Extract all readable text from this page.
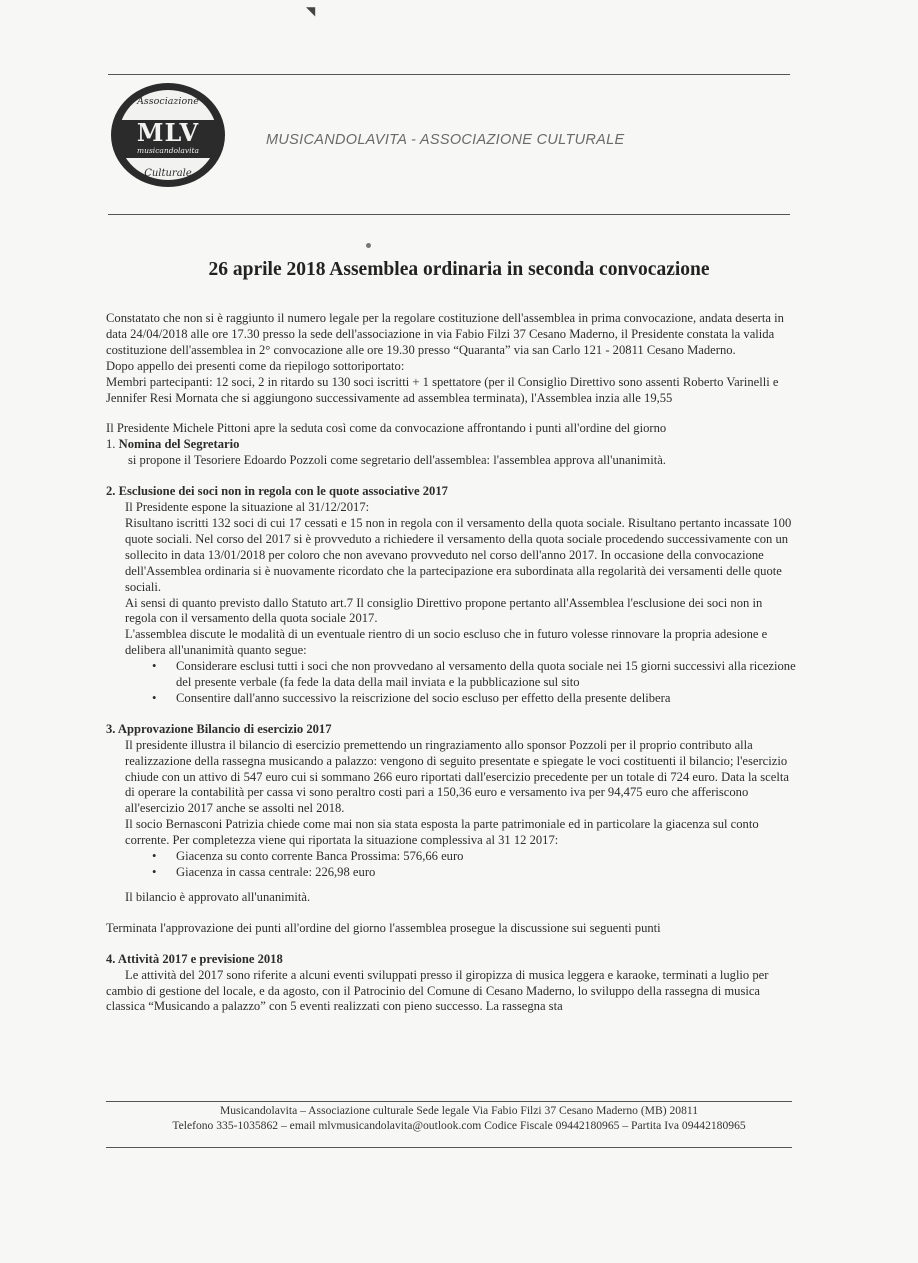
◥
Associazione
MLV
musicandolavita
Culturale
MUSICANDOLAVITA - ASSOCIAZIONE CULTURALE
26 aprile 2018 Assemblea ordinaria in seconda convocazione

Constatato che non si è raggiunto il numero legale per la regolare costituzione dell'assemblea in prima convocazione, andata deserta in data 24/04/2018 alle ore 17.30 presso la sede dell'associazione in via Fabio Filzi 37 Cesano Maderno, il Presidente constata la valida costituzione dell'assemblea in 2° convocazione alle ore 19.30 presso “Quaranta” via san Carlo 121 - 20811 Cesano Maderno.

Dopo appello dei presenti come da riepilogo sottoriportato:

Membri partecipanti: 12 soci, 2 in ritardo su 130 soci iscritti + 1 spettatore (per il Consiglio Direttivo sono assenti Roberto Varinelli e Jennifer Resi Mornata che si aggiungono successivamente ad assemblea terminata), l'Assemblea inzia alle 19,55

Il Presidente Michele Pittoni apre la seduta così come da convocazione affrontando i punti all'ordine del giorno

1. Nomina del Segretario

si propone il Tesoriere Edoardo Pozzoli come segretario dell'assemblea: l'assemblea approva all'unanimità.

2. Esclusione dei soci non in regola con le quote associative 2017

Il Presidente espone la situazione al 31/12/2017:

Risultano iscritti 132 soci di cui 17 cessati e 15 non in regola con il versamento della quota sociale. Risultano pertanto incassate 100 quote sociali. Nel corso del 2017 si è provveduto a richiedere il versamento della quota sociale procedendo successivamente con un sollecito in data 13/01/2018 per coloro che non avevano provveduto nel corso dell'anno 2017. In occasione della convocazione dell'Assemblea ordinaria si è nuovamente ricordato che la partecipazione era subordinata alla regolarità dei versamenti delle quote sociali.

Ai sensi di quanto previsto dallo Statuto art.7 Il consiglio Direttivo propone pertanto all'Assemblea l'esclusione dei soci non in regola con il versamento della quota sociale 2017.

L'assemblea discute le modalità di un eventuale rientro di un socio escluso che in futuro volesse rinnovare la propria adesione e delibera all'unanimità quanto segue:

• Considerare esclusi tutti i soci che non provvedano al versamento della quota sociale nei 15 giorni successivi alla ricezione del presente verbale (fa fede la data della mail inviata e la pubblicazione sul sito
• Consentire dall'anno successivo la reiscrizione del socio escluso per effetto della presente delibera

3. Approvazione Bilancio di esercizio 2017

Il presidente illustra il bilancio di esercizio premettendo un ringraziamento allo sponsor Pozzoli per il proprio contributo alla realizzazione della rassegna musicando a palazzo: vengono di seguito presentate e spiegate le voci costituenti il bilancio; l'esercizio chiude con un attivo di 547 euro cui si sommano 266 euro riportati dall'esercizio precedente per un totale di 724 euro. Data la scelta di operare la contabilità per cassa vi sono peraltro costi pari a 150,36 euro e versamento iva per 94,475 euro che afferiscono all'esercizio 2017 anche se assolti nel 2018.

Il socio Bernasconi Patrizia chiede come mai non sia stata esposta la parte patrimoniale ed in particolare la giacenza sul conto corrente. Per completezza viene qui riportata la situazione complessiva al 31 12 2017:

• Giacenza su conto corrente Banca Prossima: 576,66 euro
• Giacenza in cassa centrale: 226,98 euro

Il bilancio è approvato all'unanimità.

Terminata l'approvazione dei punti all'ordine del giorno l'assemblea prosegue la discussione sui seguenti punti

4. Attività 2017 e previsione 2018

Le attività del 2017 sono riferite a alcuni eventi sviluppati presso il giropizza di musica leggera e karaoke, terminati a luglio per cambio di gestione del locale, e da agosto, con il Patrocinio del Comune di Cesano Maderno, lo sviluppo della rassegna di musica classica “Musicando a palazzo” con 5 eventi realizzati con pieno successo. La rassegna sta

Musicandolavita – Associazione culturale Sede legale Via Fabio Filzi 37 Cesano Maderno (MB) 20811
Telefono 335-1035862 – email mlvmusicandolavita@outlook.com Codice Fiscale 09442180965 – Partita Iva 09442180965
